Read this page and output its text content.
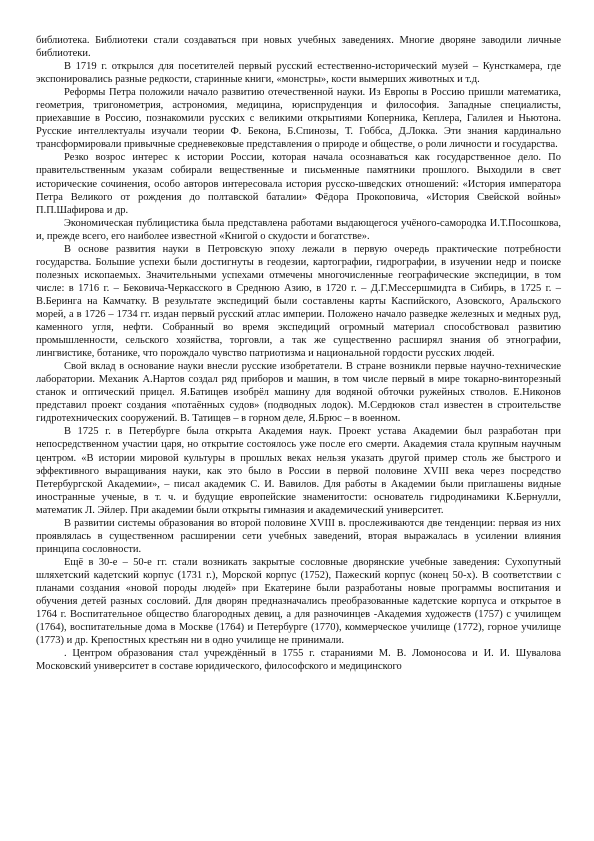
библиотека. Библиотеки стали создаваться при новых учебных заведениях. Многие дворяне заводили личные библиотеки.

В 1719 г. открылся для посетителей первый русский естественно-исторический музей – Кунсткамера, где экспонировались разные редкости, старинные книги, «монстры», кости вымерших животных и т.д.

Реформы Петра положили начало развитию отечественной науки. Из Европы в Россию пришли математика, геометрия, тригонометрия, астрономия, медицина, юриспруденция и философия. Западные специалисты, приехавшие в Россию, познакомили русских с великими открытиями Коперника, Кеплера, Галилея и Ньютона. Русские интеллектуалы изучали теории Ф. Бекона, Б.Спинозы, Т. Гоббса, Д.Локка. Эти знания кардинально трансформировали привычные средневековые представления о природе и обществе, о роли личности и государства.

Резко возрос интерес к истории России, которая начала осознаваться как государственное дело. По правительственным указам собирали вещественные и письменные памятники прошлого. Выходили в свет исторические сочинения, особо авторов интересовала история русско-шведских отношений: «История императора Петра Великого от рождения до полтавской баталии» Фёдора Прокоповича, «История Свейской войны» П.П.Шафирова и др.

Экономическая публицистика была представлена работами выдающегося учёного-самородка И.Т.Посошкова, и, прежде всего, его наиболее известной «Книгой о скудости и богатстве».

В основе развития науки в Петровскую эпоху лежали в первую очередь практические потребности государства. Большие успехи были достигнуты в геодезии, картографии, гидрографии, в изучении недр и поиске полезных ископаемых. Значительными успехами отмечены многочисленные географические экспедиции, в том числе: в 1716 г. – Бековича-Черкасского в Среднюю Азию, в 1720 г. – Д.Г.Мессершмидта в Сибирь, в 1725 г. – В.Беринга на Камчатку. В результате экспедиций были составлены карты Каспийского, Азовского, Аральского морей, а в 1726 – 1734 гг. издан первый русский атлас империи. Положено начало разведке железных и медных руд, каменного угля, нефти. Собранный во время экспедиций огромный материал способствовал развитию промышленности, сельского хозяйства, торговли, а так же существенно расширял знания об этнографии, лингвистике, ботанике, что порождало чувство патриотизма и национальной гордости русских людей.

Свой вклад в основание науки внесли русские изобретатели. В стране возникли первые научно-технические лаборатории. Механик А.Нартов создал ряд приборов и машин, в том числе первый в мире токарно-винторезный станок и оптический прицел. Я.Батищев изобрёл машину для водяной обточки ружейных стволов. Е.Никонов представил проект создания «потаённых судов» (подводных лодок). М.Сердюков стал известен в строительстве гидротехнических сооружений. В. Татищев – в горном деле, Я.Брюс – в военном.

В 1725 г. в Петербурге была открыта Академия наук. Проект устава Академии был разработан при непосредственном участии царя, но открытие состоялось уже после его смерти. Академия стала крупным научным центром. «В истории мировой культуры в прошлых веках нельзя указать другой пример столь же быстрого и эффективного выращивания науки, как это было в России в первой половине XVIII века через посредство Петербургской Академии», – писал академик С. И. Вавилов. Для работы в Академии были приглашены видные иностранные ученые, в т. ч. и будущие европейские знаменитости: основатель гидродинамики К.Бернулли, математик Л. Эйлер. При академии были открыты гимназия и академический университет.

В развитии системы образования во второй половине XVIII в. прослеживаются две тенденции: первая из них проявлялась в существенном расширении сети учебных заведений, вторая выражалась в усилении влияния принципа сословности.

Ещё в 30-е – 50-е гг. стали возникать закрытые сословные дворянские учебные заведения: Сухопутный шляхетский кадетский корпус (1731 г.), Морской корпус (1752), Пажеский корпус (конец 50-х). В соответствии с планами создания «новой породы людей» при Екатерине были разработаны новые программы воспитания и обучения детей разных сословий. Для дворян предназначались преобразованные кадетские корпуса и открытое в 1764 г. Воспитательное общество благородных девиц, а для разночинцев -Академия художеств (1757) с училищем (1764), воспитательные дома в Москве (1764) и Петербурге (1770), коммерческое училище (1772), горное училище (1773) и др. Крепостных крестьян ни в одно училище не принимали.

. Центром образования стал учреждённый в 1755 г. стараниями М. В. Ломоносова и И. И. Шувалова Московский университет в составе юридического, философского и медицинского
